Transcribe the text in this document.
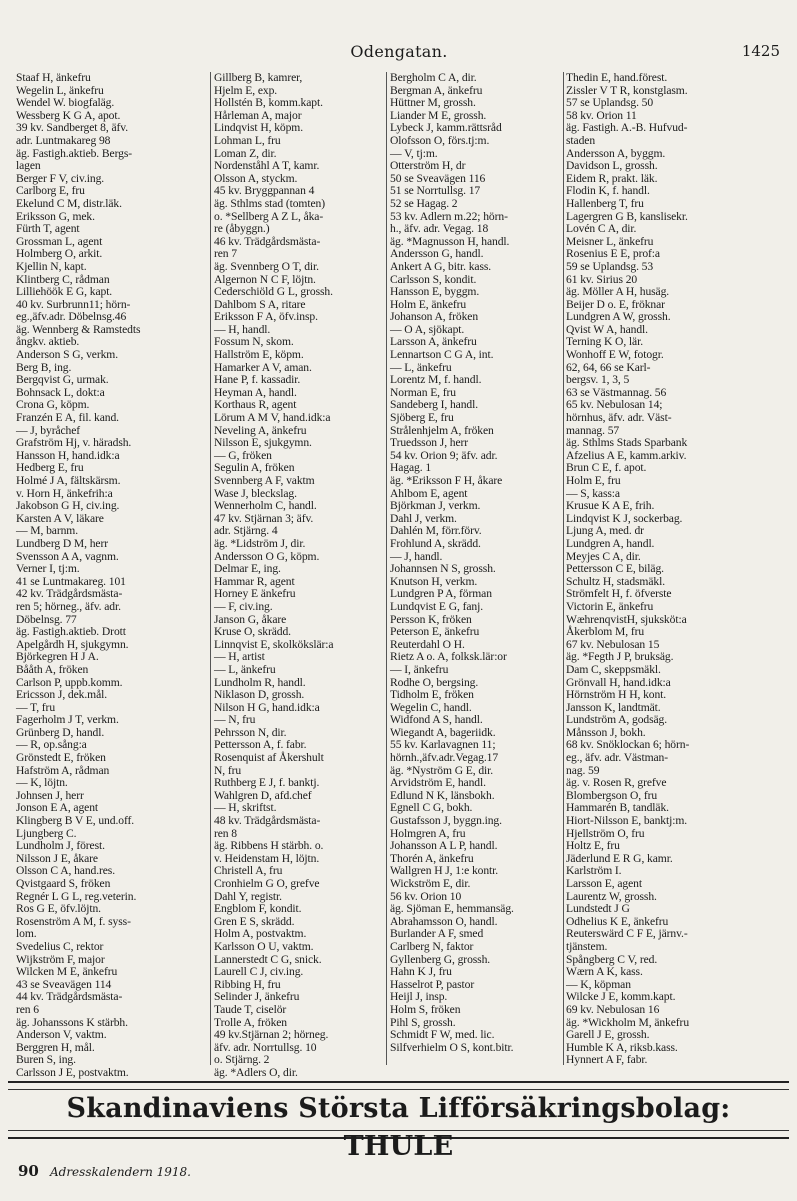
Odengatan.	1425
Staaf H, änkefru
Wegelin L, änkefru
Wendel W. biogfaläg.
Wessberg K G A, apot.
39 kv. Sandberget 8, äfv.
adr. Luntmakareg 98
äg. Fastigh.aktieb. Bergs-
lagen
Berger F V, civ.ing.
Carlborg E, fru
Ekelund C M, distr.läk.
Eriksson G, mek.
Fürth T, agent
Grossman L, agent
Holmberg O, arkit.
Kjellin N, kapt.
Klintberg C, rådman
Lilliehöök E G, kapt.
40 kv. Surbrunn11; hörn-
eg.,äfv.adr. Döbelnsg.46
äg. Wennberg & Ramstedts
ångkv. aktieb.
Anderson S G, verkm.
Berg B, ing.
Bergqvist G, urmak.
Bohnsack L, dokt:a
Crona G, köpm.
Franzén E A, fil. kand.
— J, byråchef
Grafström Hj, v. häradsh.
Hansson H, hand.idk:a
Hedberg E, fru
Holmé J A, fältskärsm.
v. Horn H, änkefrih:a
Jakobson G H, civ.ing.
Karsten A V, läkare
— M, barnm.
Lundberg D M, herr
Svensson A A, vagnm.
Verner I, tj:m.
41 se Luntmakareg. 101
42 kv. Trädgårdsmästa-
ren 5; hörneg., äfv. adr.
Döbelnsg. 77
äg. Fastigh.aktieb. Drott
Apelgårdh H, sjukgymn.
Björkegren H J A.
Bååth A, fröken
Carlson P, uppb.komm.
Ericsson J, dek.mål.
— T, fru
Fagerholm J T, verkm.
Grünberg D, handl.
— R, op.sång:a
Grönstedt E, fröken
Hafström A, rådman
— K, löjtn.
Johnsen J, herr
Jonson E A, agent
Klingberg B V E, und.off.
Ljungberg C.
Lundholm J, förest.
Nilsson J E, åkare
Olsson C A, hand.res.
Qvistgaard S, fröken
Regnér L G L, reg.veterin.
Ros G E, öfv.löjtn.
Rosenström A M, f. syss-
lom.
Svedelius C, rektor
Wijkström F, major
Wilcken M E, änkefru
43 se Sveavägen 114
44 kv. Trädgårdsmästa-
ren 6
äg. Johanssons K stärbh.
Anderson V, vaktm.
Berggren H, mål.
Buren S, ing.
Carlsson J E, postvaktm.
Gillberg B, kamrer,
Hjelm E, exp.
Hollstén B, komm.kapt.
Hårleman A, major
Lindqvist H, köpm.
Lohman L, fru
Loman Z, dir.
Nordenståhl A T, kamr.
Olsson A, styckm.
45 kv. Bryggpannan 4
äg. Sthlms stad (tomten)
o. *Sellberg A Z L, åka-
re (åbyggn.)
46 kv. Trädgårdsmästa-
ren 7
äg. Svennberg O T, dir.
Algernon N C F, löjtn.
Cederschiöld G L, grossh.
Dahlbom S A, ritare
Eriksson F A, öfv.insp.
— H, handl.
Fossum N, skom.
Hallström E, köpm.
Hamarker A V, aman.
Hane P, f. kassadir.
Heyman A, handl.
Korthaus R, agent
Lörum A M V, hand.idk:a
Neveling A, änkefru
Nilsson E, sjukgymn.
— G, fröken
Segulin A, fröken
Svennberg A F, vaktm
Wase J, bleckslag.
Wennerholm C, handl.
47 kv. Stjärnan 3; äfv.
adr. Stjärng. 4
äg. *Lidström J, dir.
Andersson O G, köpm.
Delmar E, ing.
Hammar R, agent
Horney E änkefru
— F, civ.ing.
Janson G, åkare
Kruse O, skrädd.
Linnqvist E, skolkökslär:a
— H, artist
— L, änkefru
Lundholm R, handl.
Niklason D, grossh.
Nilson H G, hand.idk:a
— N, fru
Pehrsson N, dir.
Pettersson A, f. fabr.
Rosenquist af Åkershult
N, fru
Ruthberg E J, f. banktj.
Wahlgren D, afd.chef
— H, skriftst.
48 kv. Trädgårdsmästa-
ren 8
äg. Ribbens H stärbh. o.
v. Heidenstam H, löjtn.
Christell A, fru
Cronhielm G O, grefve
Dahl Y, registr.
Engblom F, kondit.
Gren E S, skrädd.
Holm A, postvaktm.
Karlsson O U, vaktm.
Lannerstedt C G, snick.
Laurell C J, civ.ing.
Ribbing H, fru
Selinder J, änkefru
Taude T, ciselör
Trolle A, fröken
49 kv.Stjärnan 2; hörneg.
äfv. adr. Norrtullsg. 10
o. Stjärng. 2
äg. *Adlers O, dir.
Bergholm C A, dir.
Bergman A, änkefru
Hüttner M, grossh.
Liander M E, grossh.
Lybeck J, kamm.rättsråd
Olofsson O, förs.tj:m.
— V, tj:m.
Otterström H, dr
50 se Sveavägen 116
51 se Norrtullsg. 17
52 se Hagag. 2
53 kv. Adlern m.22; hörn-
h., äfv. adr. Vegag. 18
äg. *Magnusson H, handl.
Andersson G, handl.
Ankert A G, bitr. kass.
Carlsson S, kondit.
Hansson E, byggm.
Holm E, änkefru
Johanson A, fröken
— O A, sjökapt.
Larsson A, änkefru
Lennartson C G A, int.
— L, änkefru
Lorentz M, f. handl.
Norman E, fru
Sandeberg I, handl.
Sjöberg E, fru
Strålenhjelm A, fröken
Truedsson J, herr
54 kv. Orion 9; äfv. adr.
Hagag. 1
äg. *Eriksson F H, åkare
Ahlbom E, agent
Björkman J, verkm.
Dahl J, verkm.
Dahlén M, förr.förv.
Frohlund A, skrädd.
— J, handl.
Johannsen N S, grossh.
Knutson H, verkm.
Lundgren P A, förman
Lundqvist E G, fanj.
Persson K, fröken
Peterson E, änkefru
Reuterdahl O H.
Rietz A o. A, folksk.lär:or
— I, änkefru
Rodhe O, bergsing.
Tidholm E, fröken
Wegelin C, handl.
Widfond A S, handl.
Wiegandt A, bageriidk.
55 kv. Karlavagnen 11;
hörnh.,äfv.adr.Vegag.17
äg. *Nyström G E, dir.
Arvidström E, handl.
Edlund N K, länsbokh.
Egnell C G, bokh.
Gustafsson J, byggn.ing.
Holmgren A, fru
Johansson A L P, handl.
Thorén A, änkefru
Wallgren H J, 1:e kontr.
Wickström E, dir.
56 kv. Orion 10
äg. Sjöman E, hemmansäg.
Abrahamsson O, handl.
Burlander A F, smed
Carlberg N, faktor
Gyllenberg G, grossh.
Hahn K J, fru
Hasselrot P, pastor
Heijl J, insp.
Holm S, fröken
Pihl S, grossh.
Schmidt F W, med. lic.
Silfverhielm O S, kont.bitr.
Thedin E, hand.förest.
Zissler V T R, konstglasm.
57 se Uplandsg. 50
58 kv. Orion 11
äg. Fastigh. A.-B. Hufvud-
staden
Andersson A, byggm.
Davidson L, grossh.
Eidem R, prakt. läk.
Flodin K, f. handl.
Hallenberg T, fru
Lagergren G B, kanslisekr.
Lovén C A, dir.
Meisner L, änkefru
Rosenius E E, prof:a
59 se Uplandsg. 53
61 kv. Sirius 20
äg. Möller A H, husäg.
Beijer D o. E, fröknar
Lundgren A W, grossh.
Qvist W A, handl.
Terning K O, lär.
Wonhoff E W, fotogr.
62, 64, 66 se Karl-
bergsv. 1, 3, 5
63 se Västmannag. 56
65 kv. Nebulosan 14;
hörnhus, äfv. adr. Väst-
mannag. 57
äg. Sthlms Stads Sparbank
Afzelius A E, kamm.arkiv.
Brun C E, f. apot.
Holm E, fru
— S, kass:a
Krusue K A E, frih.
Lindqvist K J, sockerbag.
Ljung A, med. dr
Lundgren A, handl.
Meyjes C A, dir.
Pettersson C E, biläg.
Schultz H, stadsmäkl.
Strömfelt H, f. öfverste
Victorin E, änkefru
WæhrenqvistH, sjuksköt:a
Åkerblom M, fru
67 kv. Nebulosan 15
äg. *Fegth J P, bruksäg.
Dam C, skeppsmäkl.
Grönvall H, hand.idk:a
Hörnström H H, kont.
Jansson K, landtmät.
Lundström A, godsäg.
Månsson J, bokh.
68 kv. Snöklockan 6; hörn-
eg., äfv. adr. Västman-
nag. 59
äg. v. Rosen R, grefve
Blombergson O, fru
Hammarén B, tandläk.
Hiort-Nilsson E, banktj:m.
Hjellström O, fru
Holtz E, fru
Jäderlund E R G, kamr.
Karlström I.
Larsson E, agent
Laurentz W, grossh.
Lundstedt J G
Odhelius K E, änkefru
Reuterswärd C F E, järnv.-
tjänstem.
Spångberg C V, red.
Wærn A K, kass.
— K, köpman
Wilcke J E, komm.kapt.
69 kv. Nebulosan 16
äg. *Wickholm M, änkefru
Garell J E, grossh.
Humble K A, riksb.kass.
Hynnert A F, fabr.
Skandinaviens Största Lifförsäkringsbolag: THULE
90 Adresskalendern 1918.
